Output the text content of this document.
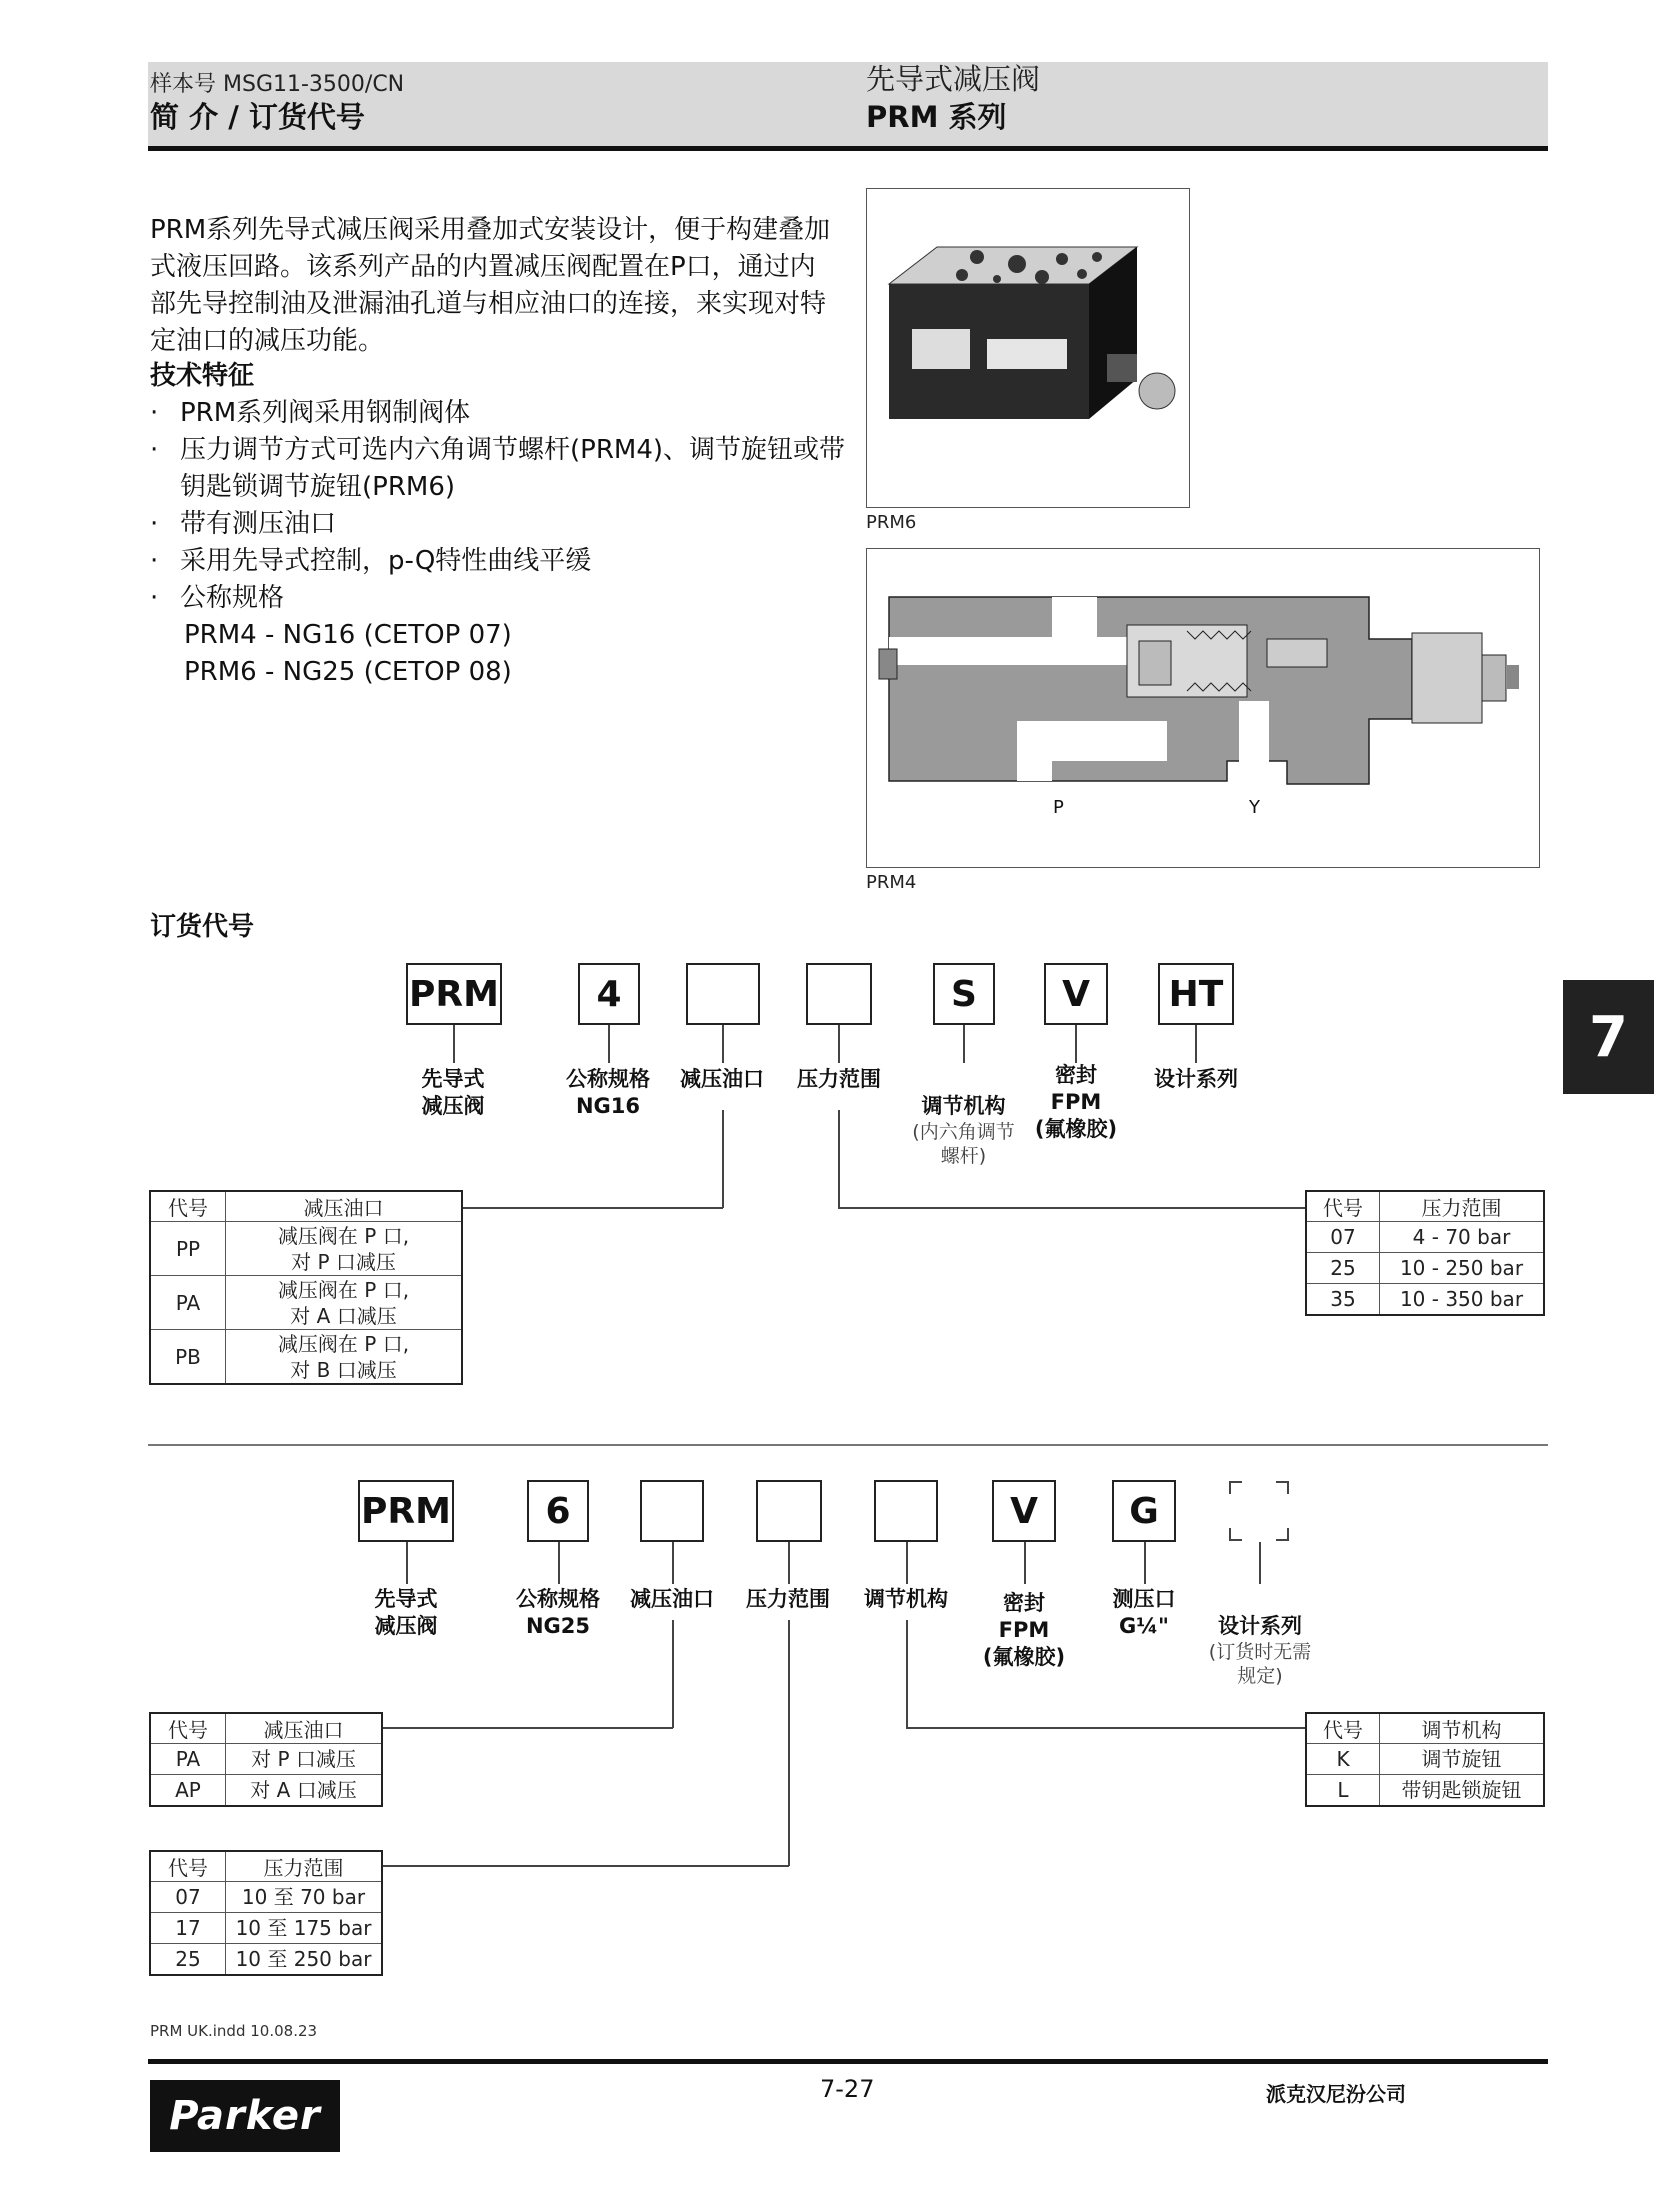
样本号 MSG11-3500/CN
简 介 / 订货代号
先导式减压阀
PRM 系列
PRM系列先导式减压阀采用叠加式安装设计，便于构建叠加式液压回路。该系列产品的内置减压阀配置在P口，通过内部先导控制油及泄漏油孔道与相应油口的连接，来实现对特定油口的减压功能。
技术特征
· PRM系列阀采用钢制阀体
· 压力调节方式可选内六角调节螺杆(PRM4)、调节旋钮或带钥匙锁调节旋钮(PRM6)
· 带有测压油口
· 采用先导式控制，p-Q特性曲线平缓
· 公称规格
PRM4 - NG16 (CETOP 07)
PRM6 - NG25 (CETOP 08)
PRM6
P	Y
PRM4
订货代号
7
PRM	4	S	V	HT
先导式
减压阀
公称规格
NG16
减压油口	压力范围

调节机构

(内六角调节
螺杆)

密封
FPM
(氟橡胶)
设计系列
代号	减压油口
PP	减压阀在 P 口,
对 P 口减压
PA	减压阀在 P 口,
对 A 口减压
PB	减压阀在 P 口,
对 B 口减压
代号	压力范围
07	4 - 70 bar
25	10 - 250 bar
35	10 - 350 bar
PRM	6	V	G
先导式
减压阀
公称规格
NG25
减压油口	压力范围	调节机构	密封
FPM
(氟橡胶)
测压口
G¼"	设计系列

(订货时无需
规定)

代号	减压油口
PA	对 P 口减压
AP	对 A 口减压
代号	压力范围
07	10 至 70 bar
17	10 至 175 bar
25	10 至 250 bar
代号	调节机构
K	调节旋钮
L	带钥匙锁旋钮
PRM UK.indd 10.08.23
Parker
7-27	派克汉尼汾公司
